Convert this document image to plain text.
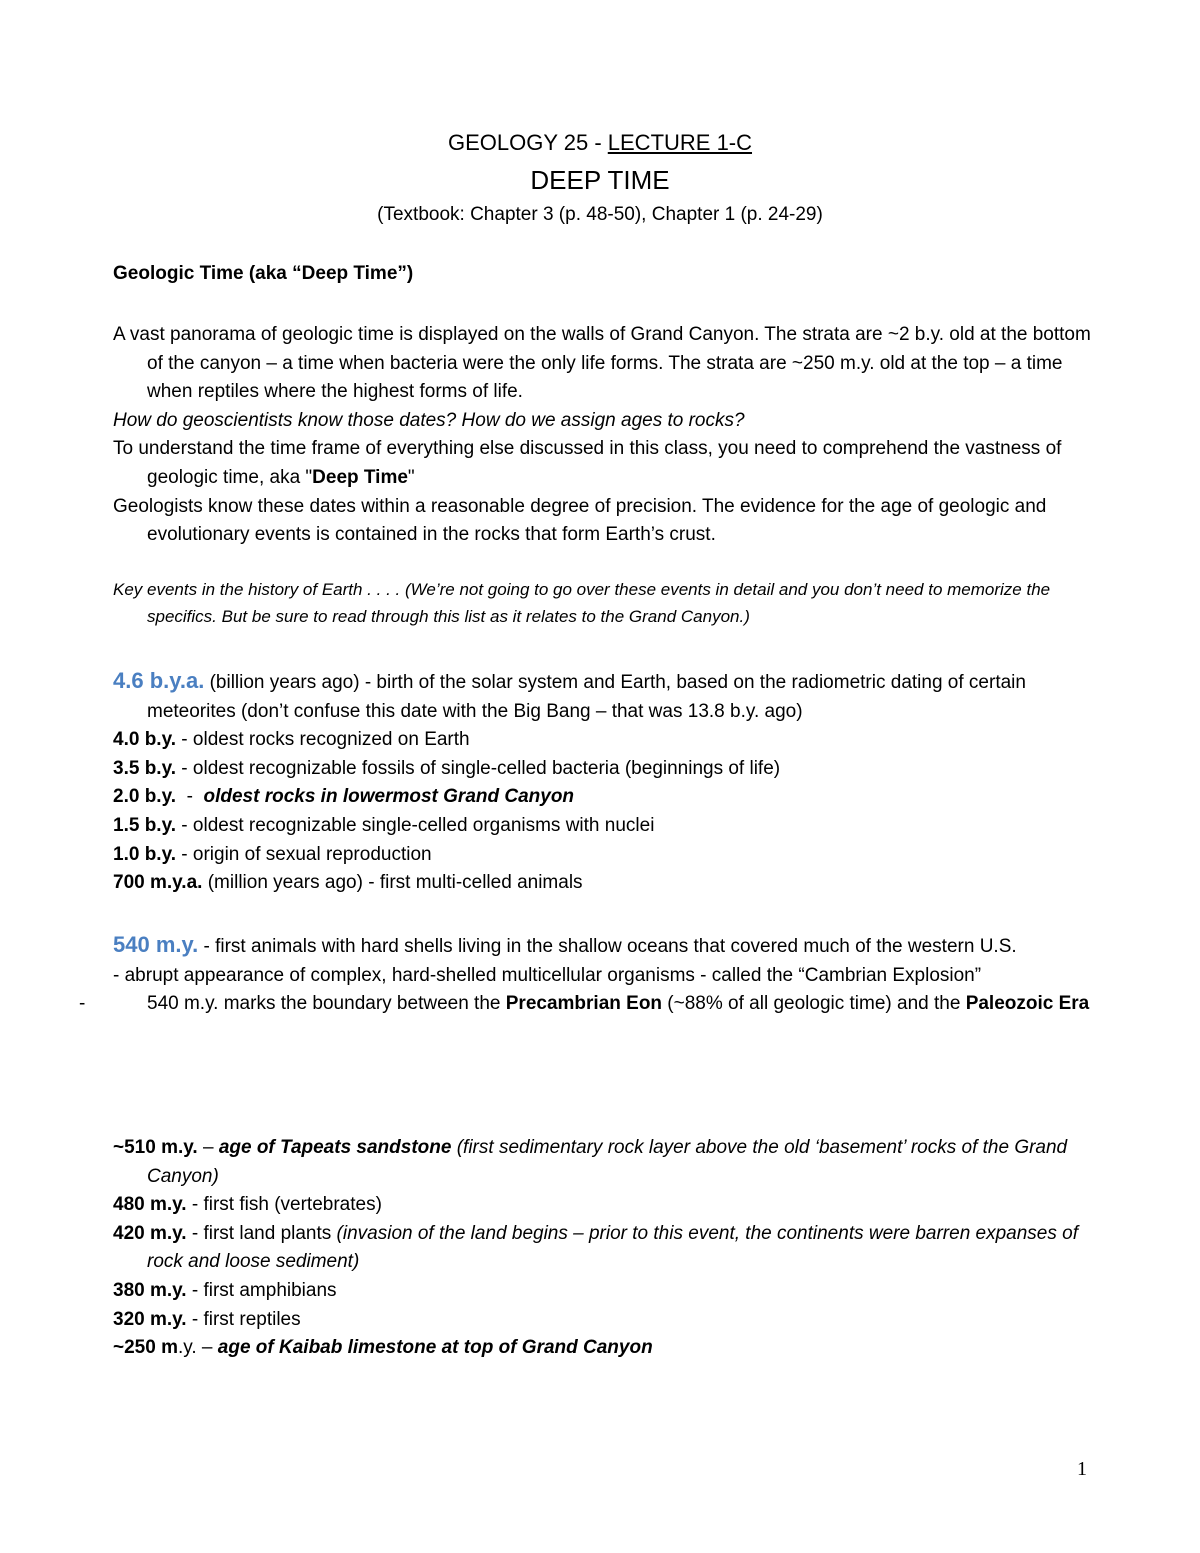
GEOLOGY 25 - LECTURE 1-C
DEEP TIME
(Textbook: Chapter 3 (p. 48-50), Chapter 1 (p. 24-29)
Geologic Time (aka “Deep Time”)

A vast panorama of geologic time is displayed on the walls of Grand Canyon. The strata are ~2 b.y. old at the bottom of the canyon – a time when bacteria were the only life forms. The strata are ~250 m.y. old at the top – a time when reptiles where the highest forms of life.

How do geoscientists know those dates? How do we assign ages to rocks?

To understand the time frame of everything else discussed in this class, you need to comprehend the vastness of geologic time, aka "Deep Time"

Geologists know these dates within a reasonable degree of precision. The evidence for the age of geologic and evolutionary events is contained in the rocks that form Earth’s crust.

Key events in the history of Earth . . . . (We’re not going to go over these events in detail and you don’t need to memorize the specifics. But be sure to read through this list as it relates to the Grand Canyon.)

4.6 b.y.a. (billion years ago) - birth of the solar system and Earth, based on the radiometric dating of certain meteorites (don’t confuse this date with the Big Bang – that was 13.8 b.y. ago)

4.0 b.y. - oldest rocks recognized on Earth

3.5 b.y. - oldest recognizable fossils of single-celled bacteria (beginnings of life)

2.0 b.y.  -  oldest rocks in lowermost Grand Canyon

1.5 b.y. - oldest recognizable single-celled organisms with nuclei

1.0 b.y. - origin of sexual reproduction

700 m.y.a. (million years ago) - first multi-celled animals

540 m.y. - first animals with hard shells living in the shallow oceans that covered much of the western U.S.

- abrupt appearance of complex, hard-shelled multicellular organisms - called the “Cambrian Explosion”

-	540 m.y. marks the boundary between the Precambrian Eon (~88% of all geologic time) and the Paleozoic Era

~510 m.y. – age of Tapeats sandstone (first sedimentary rock layer above the old ‘basement’ rocks of the Grand Canyon)

480 m.y. - first fish (vertebrates)

420 m.y. - first land plants (invasion of the land begins – prior to this event, the continents were barren expanses of rock and loose sediment)

380 m.y. - first amphibians

320 m.y. - first reptiles

~250 m.y. – age of Kaibab limestone at top of Grand Canyon

1
